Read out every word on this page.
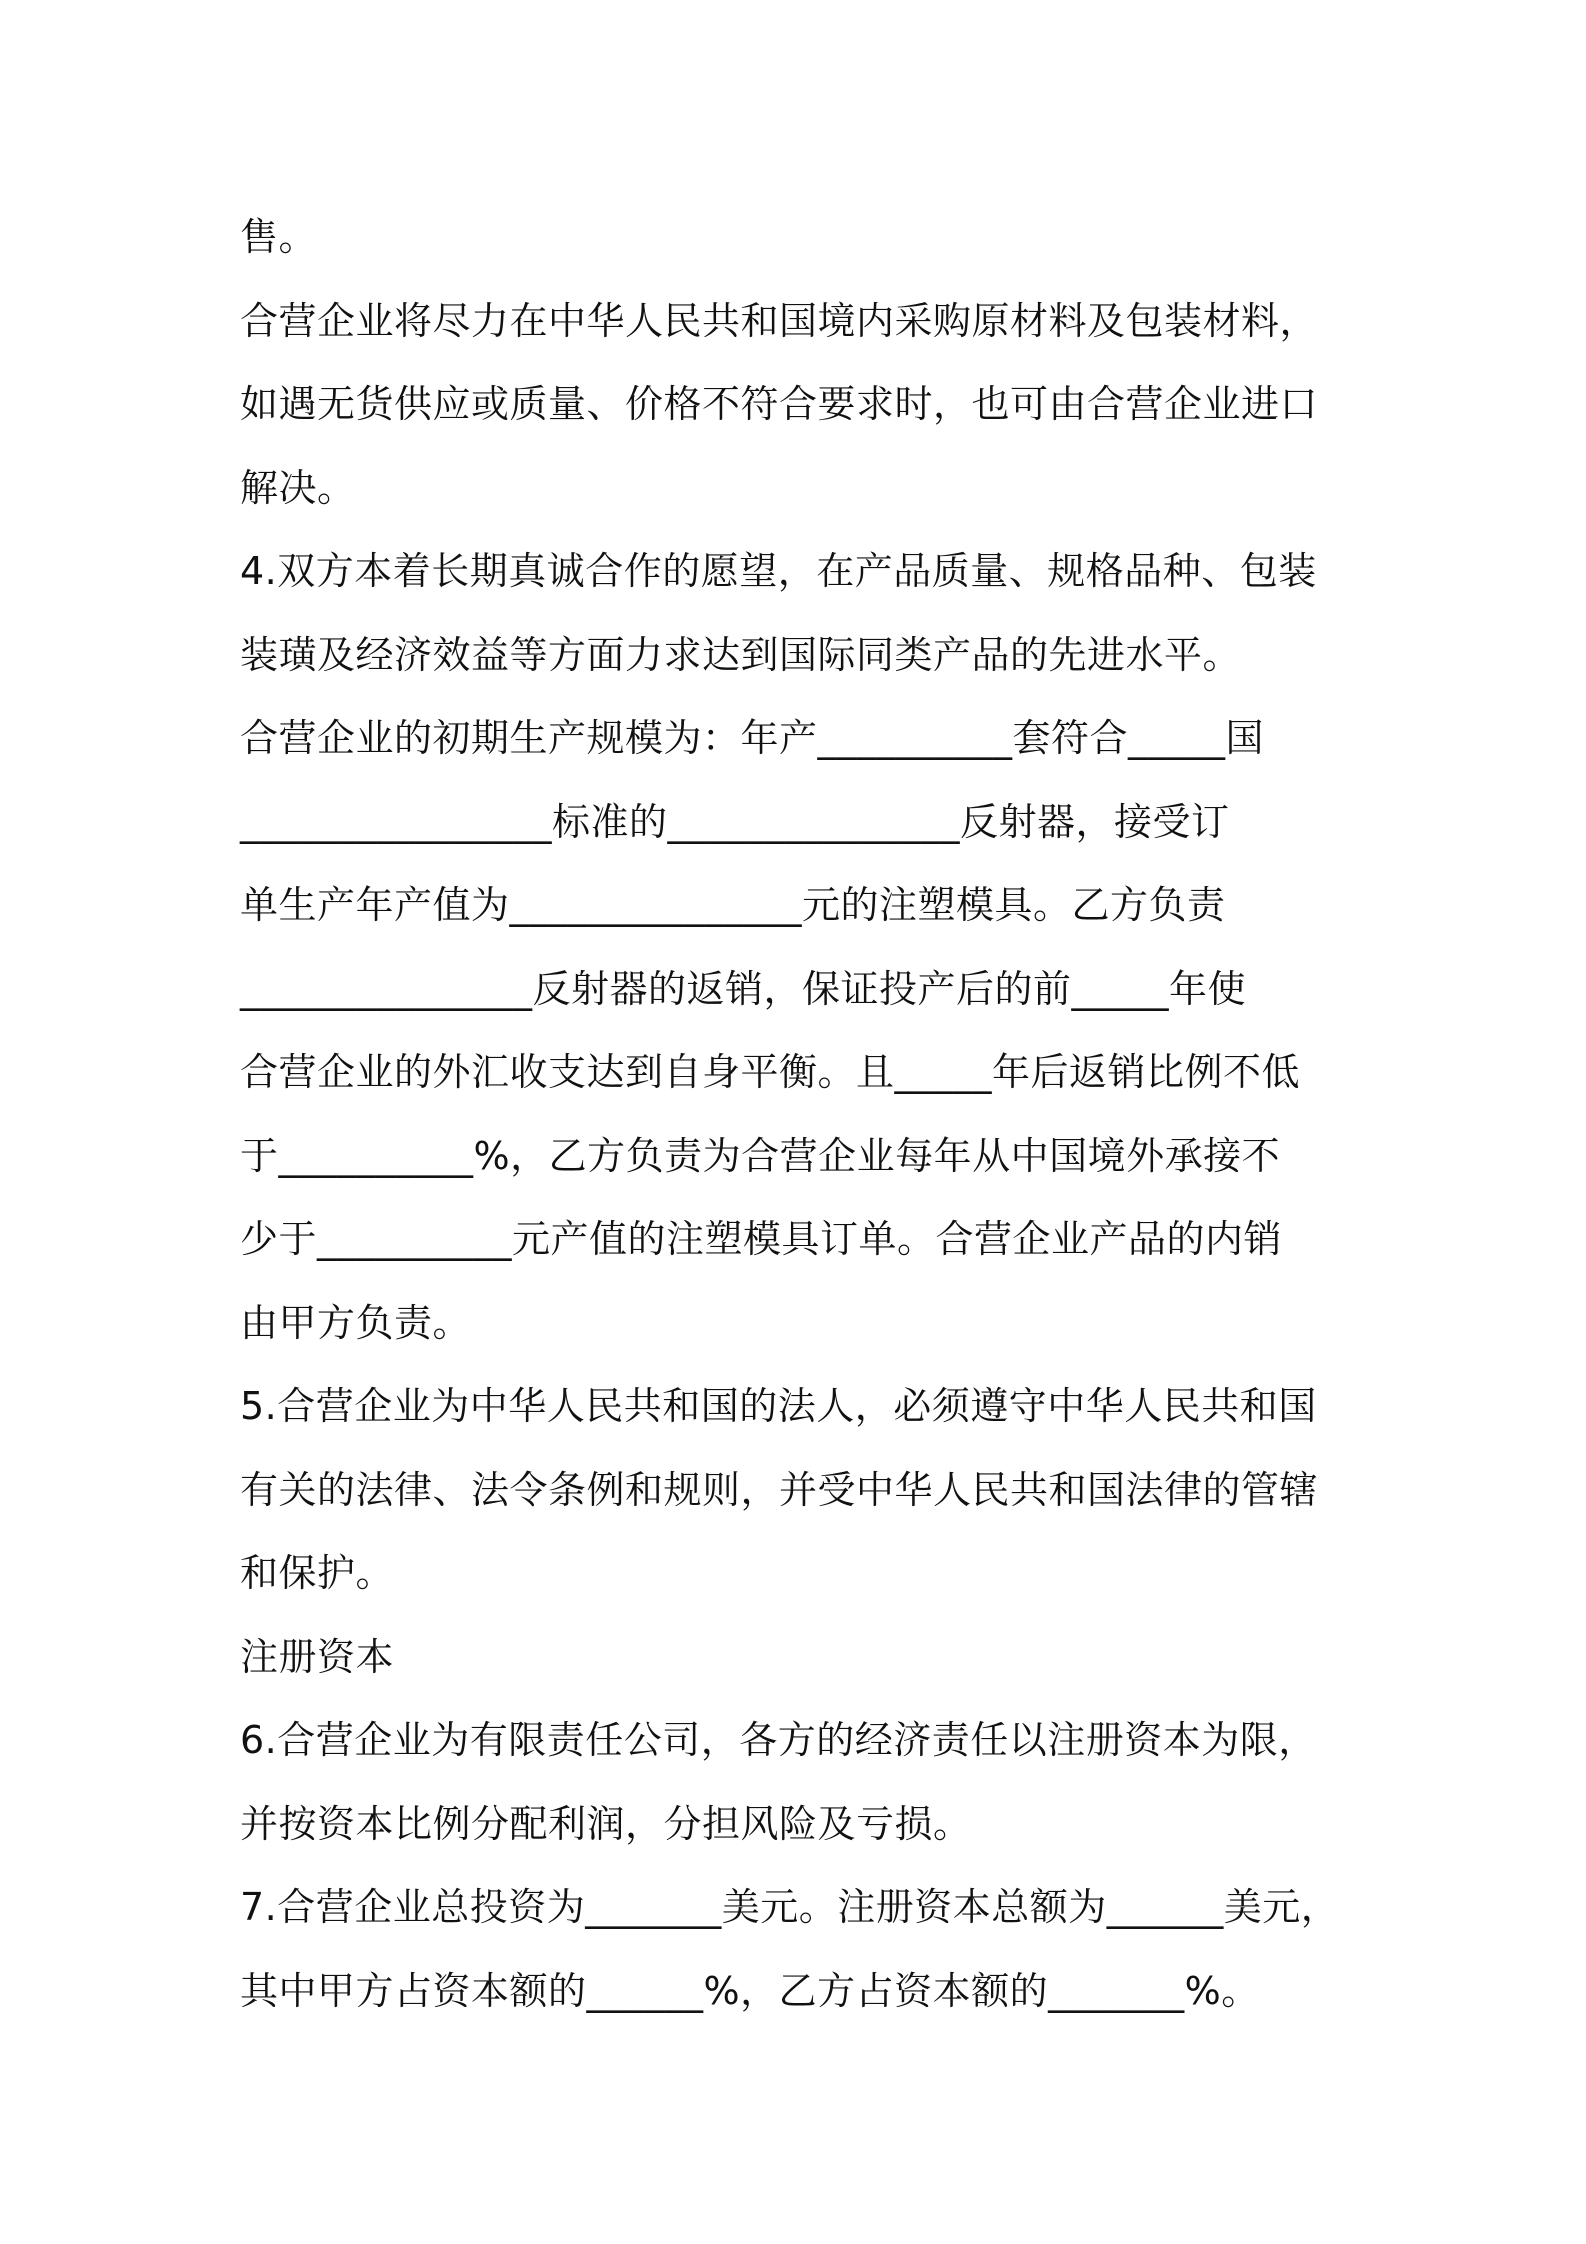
售。
合营企业将尽力在中华人民共和国境内采购原材料及包装材料，
如遇无货供应或质量、价格不符合要求时，也可由合营企业进口
解决。
4.双方本着长期真诚合作的愿望，在产品质量、规格品种、包装
装璜及经济效益等方面力求达到国际同类产品的先进水平。
合营企业的初期生产规模为：年产__________套符合_____国
________________标准的_______________反射器，接受订
单生产年产值为_______________元的注塑模具。乙方负责
_______________反射器的返销，保证投产后的前_____年使
合营企业的外汇收支达到自身平衡。且_____年后返销比例不低
于__________%，乙方负责为合营企业每年从中国境外承接不
少于__________元产值的注塑模具订单。合营企业产品的内销
由甲方负责。
5.合营企业为中华人民共和国的法人，必须遵守中华人民共和国
有关的法律、法令条例和规则，并受中华人民共和国法律的管辖
和保护。
注册资本
6.合营企业为有限责任公司，各方的经济责任以注册资本为限，
并按资本比例分配利润，分担风险及亏损。
7.合营企业总投资为_______美元。注册资本总额为______美元，
其中甲方占资本额的______%，乙方占资本额的_______%。
